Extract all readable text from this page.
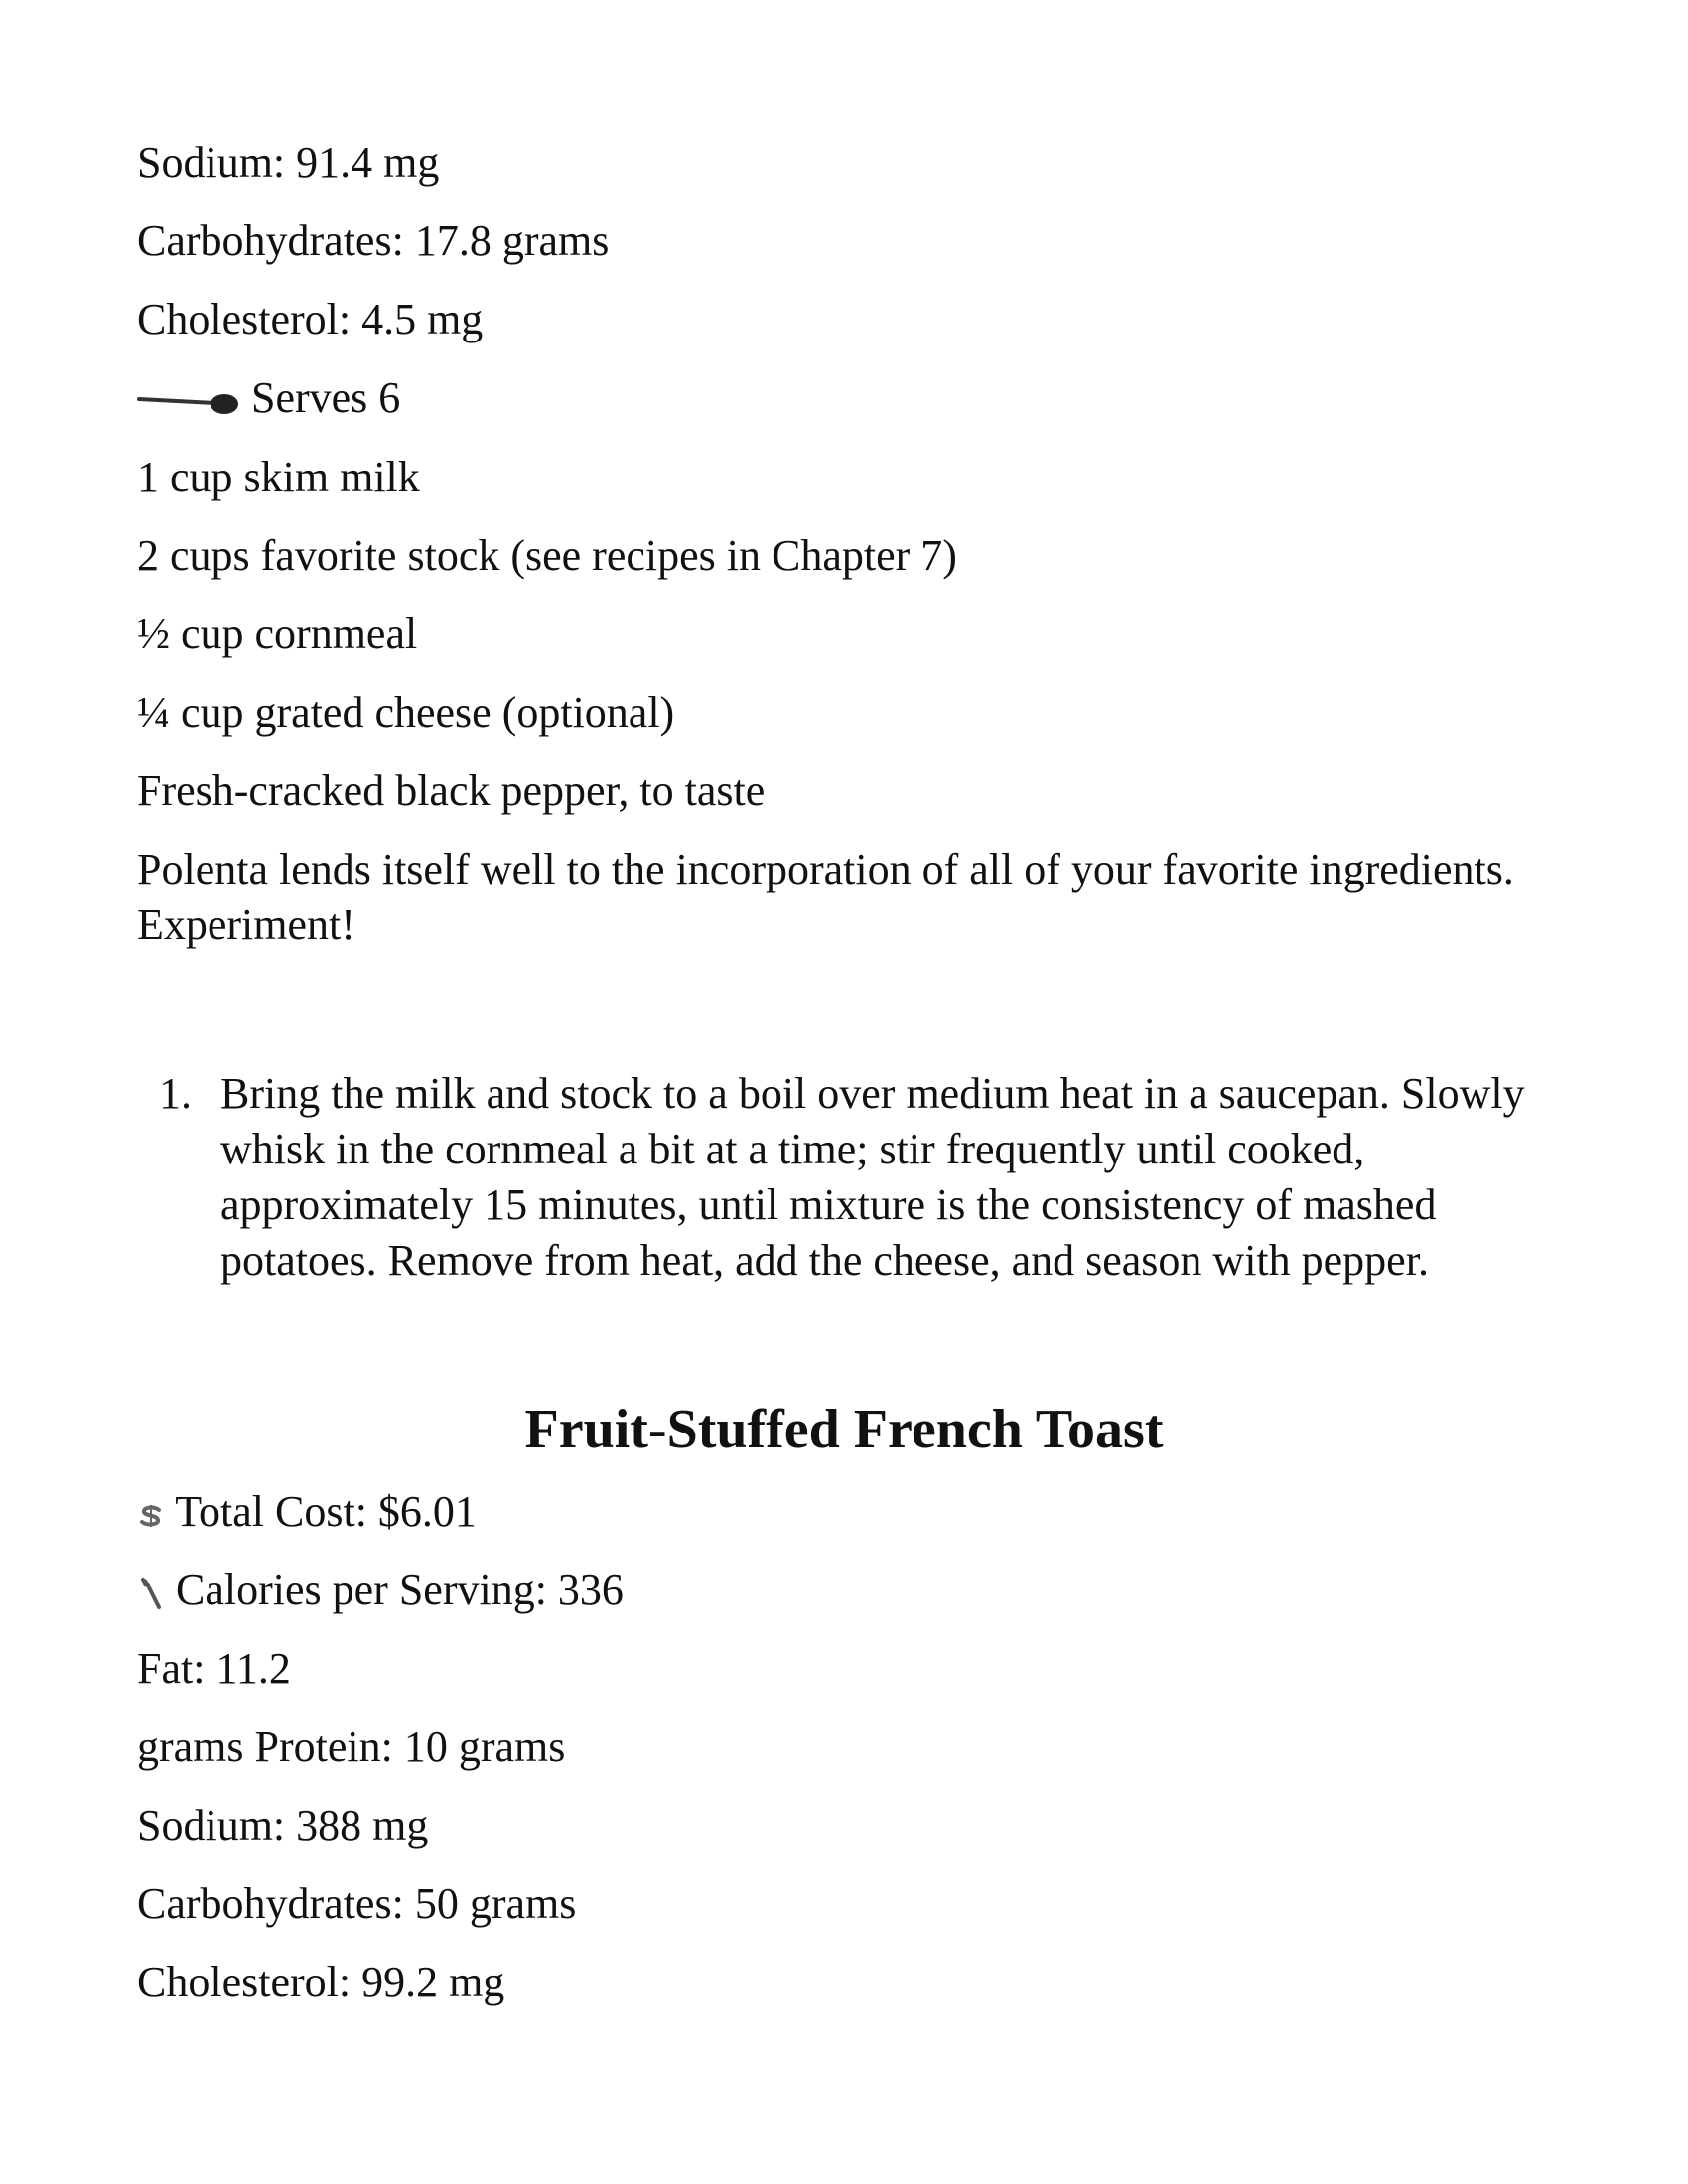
Sodium: 91.4 mg
Carbohydrates: 17.8 grams
Cholesterol: 4.5 mg
Serves 6
1 cup skim milk
2 cups favorite stock (see recipes in Chapter 7)
½ cup cornmeal
¼ cup grated cheese (optional)
Fresh-cracked black pepper, to taste
Polenta lends itself well to the incorporation of all of your favorite ingredients. Experiment!
1. Bring the milk and stock to a boil over medium heat in a saucepan. Slowly whisk in the cornmeal a bit at a time; stir frequently until cooked, approximately 15 minutes, until mixture is the consistency of mashed potatoes. Remove from heat, add the cheese, and season with pepper.
Fruit-Stuffed French Toast
Total Cost: $6.01
Calories per Serving: 336
Fat: 11.2
grams Protein: 10 grams
Sodium: 388 mg
Carbohydrates: 50 grams
Cholesterol: 99.2 mg
